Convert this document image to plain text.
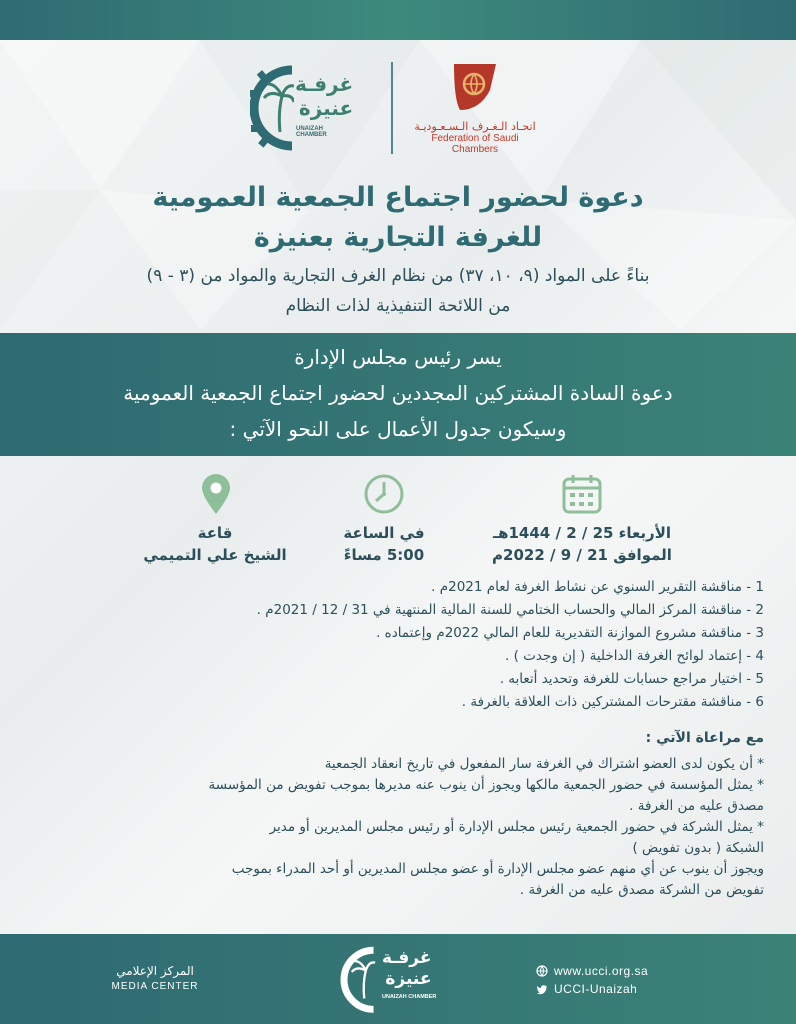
غرفـة
عنيزة
UNAIZAH CHAMBER
اتحـاد الـغـرف الـسـعـوديـة
Federation of Saudi Chambers
دعوة لحضور اجتماع الجمعية العمومية
للغرفة التجارية بعنيزة
بناءً على المواد (٩، ١٠، ٣٧) من نظام الغرف التجارية والمواد من (٣ - ٩)
من اللائحة التنفيذية لذات النظام
يسر رئيس مجلس الإدارة
دعوة السادة المشتركين المجددين لحضور اجتماع الجمعية العمومية
وسيكون جدول الأعمال على النحو الآتي :
الأربعاء 25 / 2 / 1444هـ
الموافق 21 / 9 / 2022م
في الساعة
5:00 مساءً
قاعة
الشيخ علي التميمي
1 - مناقشة التقرير السنوي عن نشاط الغرفة لعام 2021م .
2 - مناقشة المركز المالي والحساب الختامي للسنة المالية المنتهية في 31 / 12 / 2021م .
3 - مناقشة مشروع الموازنة التقديرية للعام المالي 2022م وإعتماده .
4 - إعتماد لوائح الغرفة الداخلية ( إن وجدت ) .
5 - اختيار مراجع حسابات للغرفة وتحديد أتعابه .
6 - مناقشة مقترحات المشتركين ذات العلاقة بالغرفة .
مع مراعاة الآتي :
* أن يكون لدى العضو اشتراك في الغرفة سار المفعول في تاريخ انعقاد الجمعية
* يمثل المؤسسة في حضور الجمعية مالكها ويجوز أن ينوب عنه مديرها بموجب تفويض من المؤسسة
مصدق عليه من الغرفة .
* يمثل الشركة في حضور الجمعية رئيس مجلس الإدارة أو رئيس مجلس المديرين أو مدير
الشبكة ( بدون تفويض )
ويجوز أن ينوب عن أي منهم عضو مجلس الإدارة أو عضو مجلس المديرين أو أحد المدراء بموجب
تفويض من الشركة مصدق عليه من الغرفة .
المركز الإعلامي
MEDIA CENTER
غرفـة
عنيزة
UNAIZAH CHAMBER
www.ucci.org.sa
UCCI-Unaizah
